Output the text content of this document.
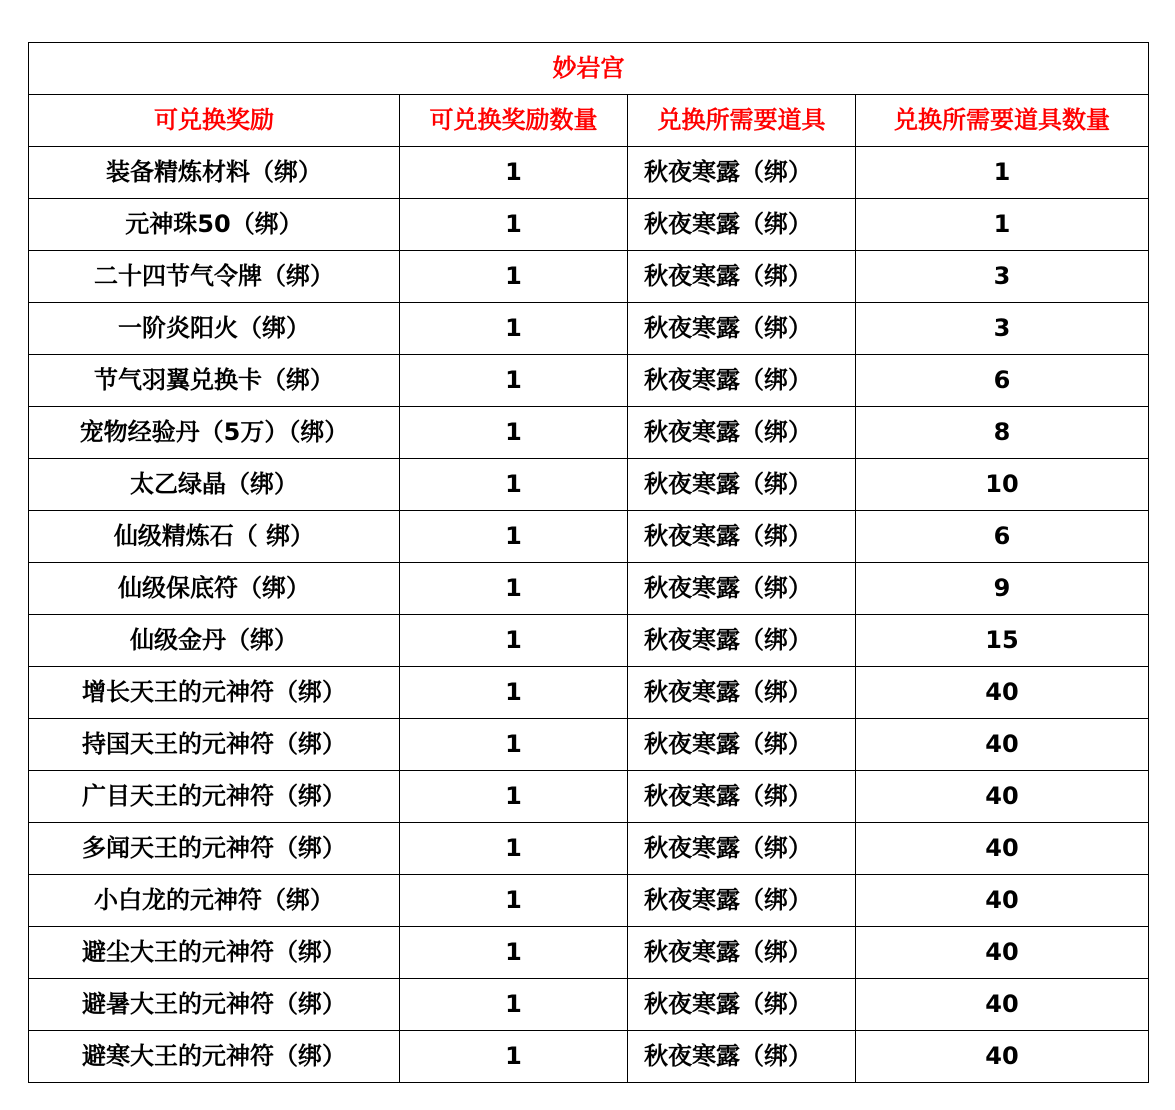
妙岩宫			
可兑换奖励	可兑换奖励数量	兑换所需要道具	兑换所需要道具数量
装备精炼材料（绑）	1	秋夜寒露（绑）	1
元神珠50（绑）	1	秋夜寒露（绑）	1
二十四节气令牌（绑）	1	秋夜寒露（绑）	3
一阶炎阳火（绑）	1	秋夜寒露（绑）	3
节气羽翼兑换卡（绑）	1	秋夜寒露（绑）	6
宠物经验丹（5万）（绑）	1	秋夜寒露（绑）	8
太乙绿晶（绑）	1	秋夜寒露（绑）	10
仙级精炼石（ 绑）	1	秋夜寒露（绑）	6
仙级保底符（绑）	1	秋夜寒露（绑）	9
仙级金丹（绑）	1	秋夜寒露（绑）	15
增长天王的元神符（绑）	1	秋夜寒露（绑）	40
持国天王的元神符（绑）	1	秋夜寒露（绑）	40
广目天王的元神符（绑）	1	秋夜寒露（绑）	40
多闻天王的元神符（绑）	1	秋夜寒露（绑）	40
小白龙的元神符（绑）	1	秋夜寒露（绑）	40
避尘大王的元神符（绑）	1	秋夜寒露（绑）	40
避暑大王的元神符（绑）	1	秋夜寒露（绑）	40
避寒大王的元神符（绑）	1	秋夜寒露（绑）	40
